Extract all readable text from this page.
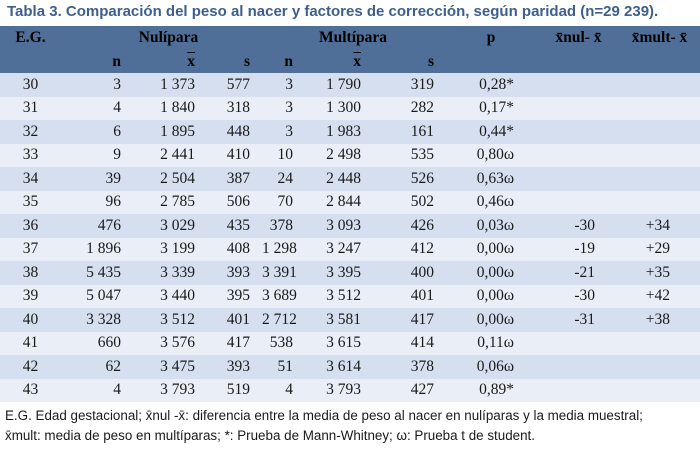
Tabla 3. Comparación del peso al nacer y factores de corrección, según paridad (n=29 239).
E.G.	Nulípara			Multípara			p	x̄nul- x̄	x̄mult- x̄
	n	$\overline{x}$	s	n	$\overline{x}$	s			
30	3	1 373	577	3	1 790	319	0,28*		
31	4	1 840	318	3	1 300	282	0,17*		
32	6	1 895	448	3	1 983	161	0,44*		
33	9	2 441	410	10	2 498	535	0,80ω		
34	39	2 504	387	24	2 448	526	0,63ω		
35	96	2 785	506	70	2 844	502	0,46ω		
36	476	3 029	435	378	3 093	426	0,03ω	-30	+34
37	1 896	3 199	408	1 298	3 247	412	0,00ω	-19	+29
38	5 435	3 339	393	3 391	3 395	400	0,00ω	-21	+35
39	5 047	3 440	395	3 689	3 512	401	0,00ω	-30	+42
40	3 328	3 512	401	2 712	3 581	417	0,00ω	-31	+38
41	660	3 576	417	538	3 615	414	0,11ω		
42	62	3 475	393	51	3 614	378	0,06ω		
43	4	3 793	519	4	3 793	427	0,89*		
E.G. Edad gestacional; x̄nul -x̄: diferencia entre la media de peso al nacer en nulíparas y la media muestral;
x̄mult: media de peso en multíparas; *: Prueba de Mann-Whitney; ω: Prueba t de student.
